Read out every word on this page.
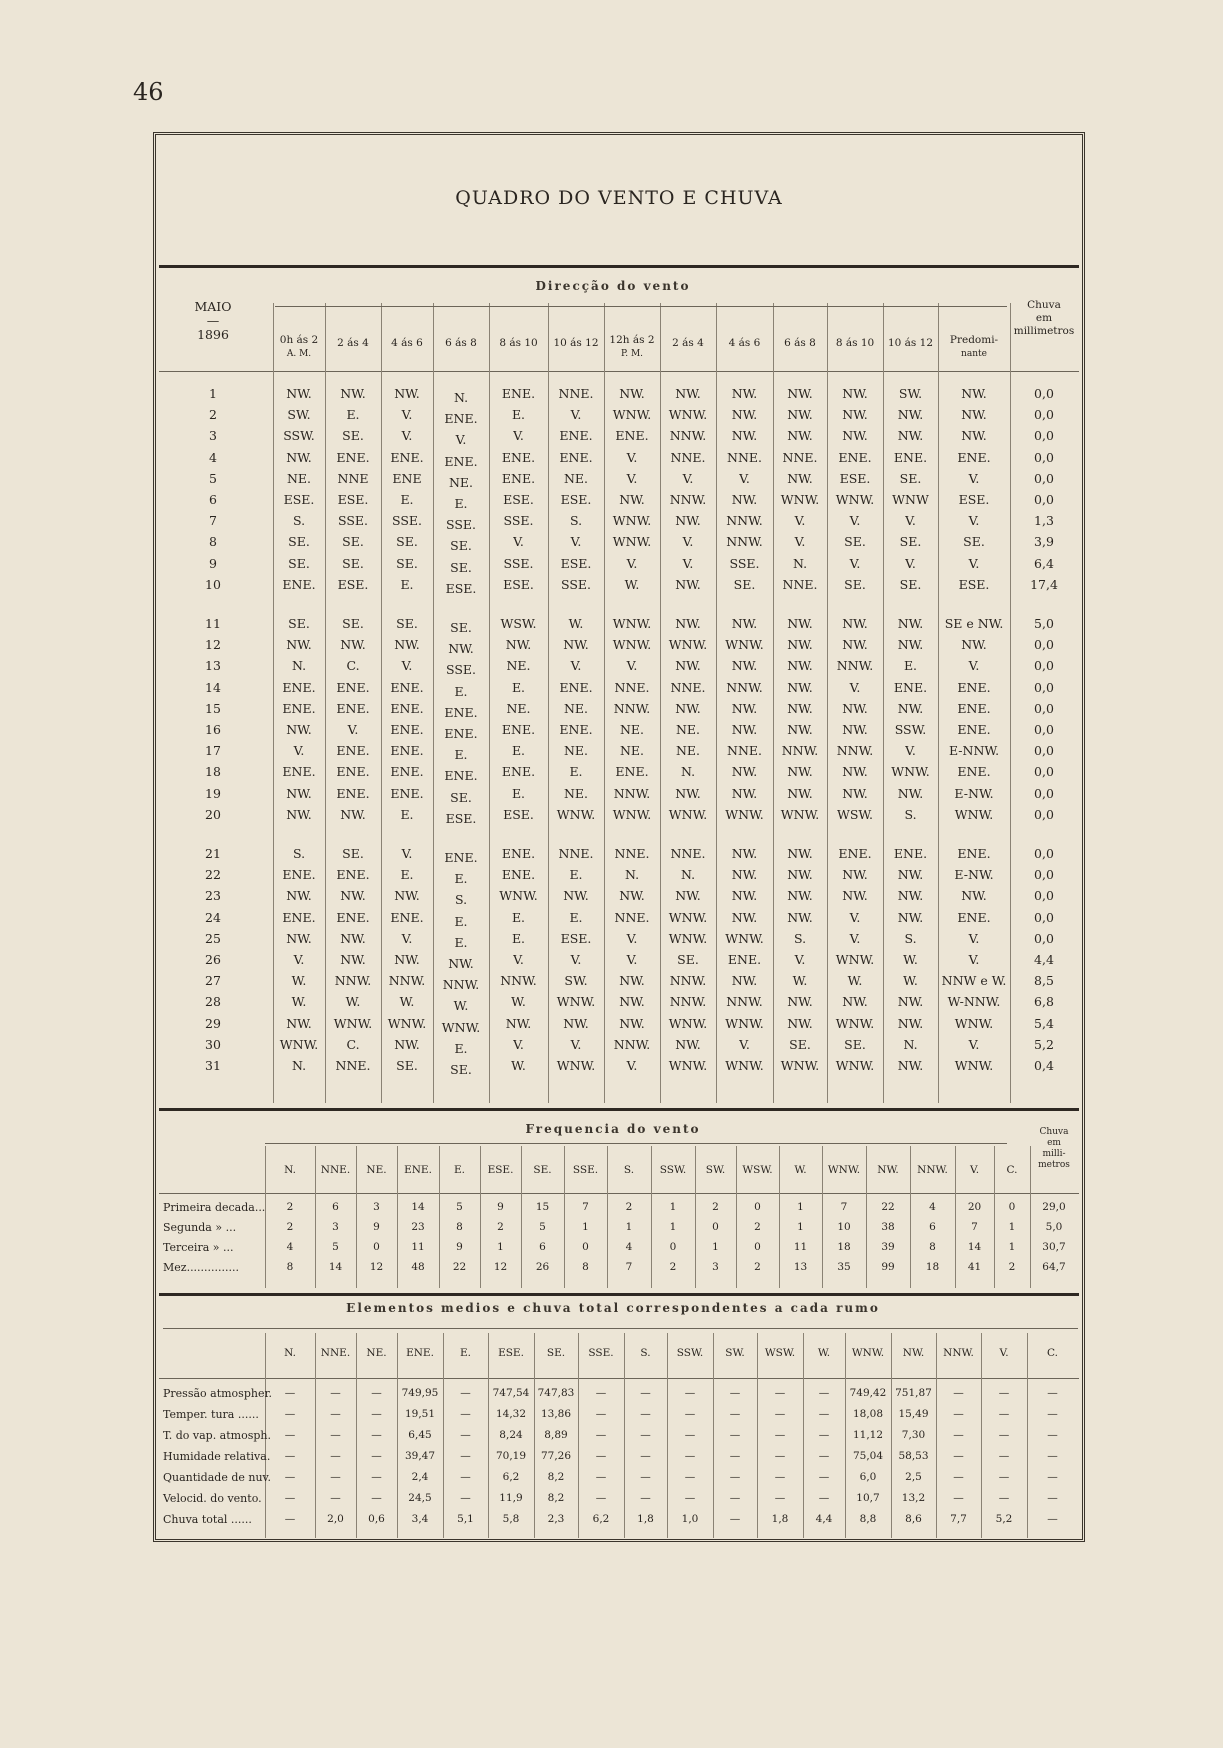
46
QUADRO DO VENTO E CHUVA
Direcção do vento
MAIO
—
1896
Chuva
em
millimetros
0h ás 2
A. M.
2 ás 4	4 ás 6	6 ás 8	8 ás 10	10 ás 12	12h ás 2
P. M.
2 ás 4	4 ás 6	6 ás 8	8 ás 10	10 ás 12	Predomi-
nante
1	NW.	NW.	NW.	N.	ENE.	NNE.	NW.	NW.	NW.	NW.	NW.	SW.	NW.	0,0
2	SW.	E.	V.	ENE.	E.	V.	WNW.	WNW.	NW.	NW.	NW.	NW.	NW.	0,0
3	SSW.	SE.	V.	V.	V.	ENE.	ENE.	NNW.	NW.	NW.	NW.	NW.	NW.	0,0
4	NW.	ENE.	ENE.	ENE.	ENE.	ENE.	V.	NNE.	NNE.	NNE.	ENE.	ENE.	ENE.	0,0
5	NE.	NNE	ENE	NE.	ENE.	NE.	V.	V.	V.	NW.	ESE.	SE.	V.	0,0
6	ESE.	ESE.	E.	E.	ESE.	ESE.	NW.	NNW.	NW.	WNW.	WNW.	WNW	ESE.	0,0
7	S.	SSE.	SSE.	SSE.	SSE.	S.	WNW.	NW.	NNW.	V.	V.	V.	V.	1,3
8	SE.	SE.	SE.	SE.	V.	V.	WNW.	V.	NNW.	V.	SE.	SE.	SE.	3,9
9	SE.	SE.	SE.	SE.	SSE.	ESE.	V.	V.	SSE.	N.	V.	V.	V.	6,4
10	ENE.	ESE.	E.	ESE.	ESE.	SSE.	W.	NW.	SE.	NNE.	SE.	SE.	ESE.	17,4
11	SE.	SE.	SE.	SE.	WSW.	W.	WNW.	NW.	NW.	NW.	NW.	NW.	SE e NW.	5,0
12	NW.	NW.	NW.	NW.	NW.	NW.	WNW.	WNW.	WNW.	NW.	NW.	NW.	NW.	0,0
13	N.	C.	V.	SSE.	NE.	V.	V.	NW.	NW.	NW.	NNW.	E.	V.	0,0
14	ENE.	ENE.	ENE.	E.	E.	ENE.	NNE.	NNE.	NNW.	NW.	V.	ENE.	ENE.	0,0
15	ENE.	ENE.	ENE.	ENE.	NE.	NE.	NNW.	NW.	NW.	NW.	NW.	NW.	ENE.	0,0
16	NW.	V.	ENE.	ENE.	ENE.	ENE.	NE.	NE.	NW.	NW.	NW.	SSW.	ENE.	0,0
17	V.	ENE.	ENE.	E.	E.	NE.	NE.	NE.	NNE.	NNW.	NNW.	V.	E-NNW.	0,0
18	ENE.	ENE.	ENE.	ENE.	ENE.	E.	ENE.	N.	NW.	NW.	NW.	WNW.	ENE.	0,0
19	NW.	ENE.	ENE.	SE.	E.	NE.	NNW.	NW.	NW.	NW.	NW.	NW.	E-NW.	0,0
20	NW.	NW.	E.	ESE.	ESE.	WNW.	WNW.	WNW.	WNW.	WNW.	WSW.	S.	WNW.	0,0
21	S.	SE.	V.	ENE.	ENE.	NNE.	NNE.	NNE.	NW.	NW.	ENE.	ENE.	ENE.	0,0
22	ENE.	ENE.	E.	E.	ENE.	E.	N.	N.	NW.	NW.	NW.	NW.	E-NW.	0,0
23	NW.	NW.	NW.	S.	WNW.	NW.	NW.	NW.	NW.	NW.	NW.	NW.	NW.	0,0
24	ENE.	ENE.	ENE.	E.	E.	E.	NNE.	WNW.	NW.	NW.	V.	NW.	ENE.	0,0
25	NW.	NW.	V.	E.	E.	ESE.	V.	WNW.	WNW.	S.	V.	S.	V.	0,0
26	V.	NW.	NW.	NW.	V.	V.	V.	SE.	ENE.	V.	WNW.	W.	V.	4,4
27	W.	NNW.	NNW.	NNW.	NNW.	SW.	NW.	NNW.	NW.	W.	W.	W.	NNW e W.	8,5
28	W.	W.	W.	W.	W.	WNW.	NW.	NNW.	NNW.	NW.	NW.	NW.	W-NNW.	6,8
29	NW.	WNW.	WNW.	WNW.	NW.	NW.	NW.	WNW.	WNW.	NW.	WNW.	NW.	WNW.	5,4
30	WNW.	C.	NW.	E.	V.	V.	NNW.	NW.	V.	SE.	SE.	N.	V.	5,2
31	N.	NNE.	SE.	SE.	W.	WNW.	V.	WNW.	WNW.	WNW.	WNW.	NW.	WNW.	0,4
Frequencia do vento
N.	NNE.	NE.	ENE.	E.	ESE.	SE.	SSE.	S.	SSW.	SW.	WSW.	W.	WNW.	NW.	NNW.	V.	C.
Chuva
em
milli-
metros
Primeira decada...	2	6	3	14	5	9	15	7	2	1	2	0	1	7	22	4	20	0	29,0
Segunda » ...	2	3	9	23	8	2	5	1	1	1	0	2	1	10	38	6	7	1	5,0
Terceira » ...	4	5	0	11	9	1	6	0	4	0	1	0	11	18	39	8	14	1	30,7
Mez...............	8	14	12	48	22	12	26	8	7	2	3	2	13	35	99	18	41	2	64,7
Elementos medios e chuva total correspondentes a cada rumo
N.	NNE.	NE.	ENE.	E.	ESE.	SE.	SSE.	S.	SSW.	SW.	WSW.	W.	WNW.	NW.	NNW.	V.	C.
Pressão atmospher.	—	—	—	749,95	—	747,54 747,83	—	—	—	—	—	—	749,42 751,87	—	—	—
Temper. tura ......	—	—	—	19,51	—	14,32	13,86	—	—	—	—	—	—	18,08	15,49	—	—	—
T. do vap. atmosph.	—	—	—	6,45	—	8,24	8,89	—	—	—	—	—	—	11,12	7,30	—	—	—
Humidade relativa.	—	—	—	39,47	—	70,19	77,26	—	—	—	—	—	—	75,04	58,53	—	—	—
Quantidade de nuv.	—	—	—	2,4	—	6,2	8,2	—	—	—	—	—	—	6,0	2,5	—	—	—
Velocid. do vento.	—	—	—	24,5	—	11,9	8,2	—	—	—	—	—	—	10,7	13,2	—	—	—
Chuva total ......	—	2,0	0,6	3,4	5,1	5,8	2,3	6,2	1,8	1,0	—	1,8	4,4	8,8	8,6	7,7	5,2	—
